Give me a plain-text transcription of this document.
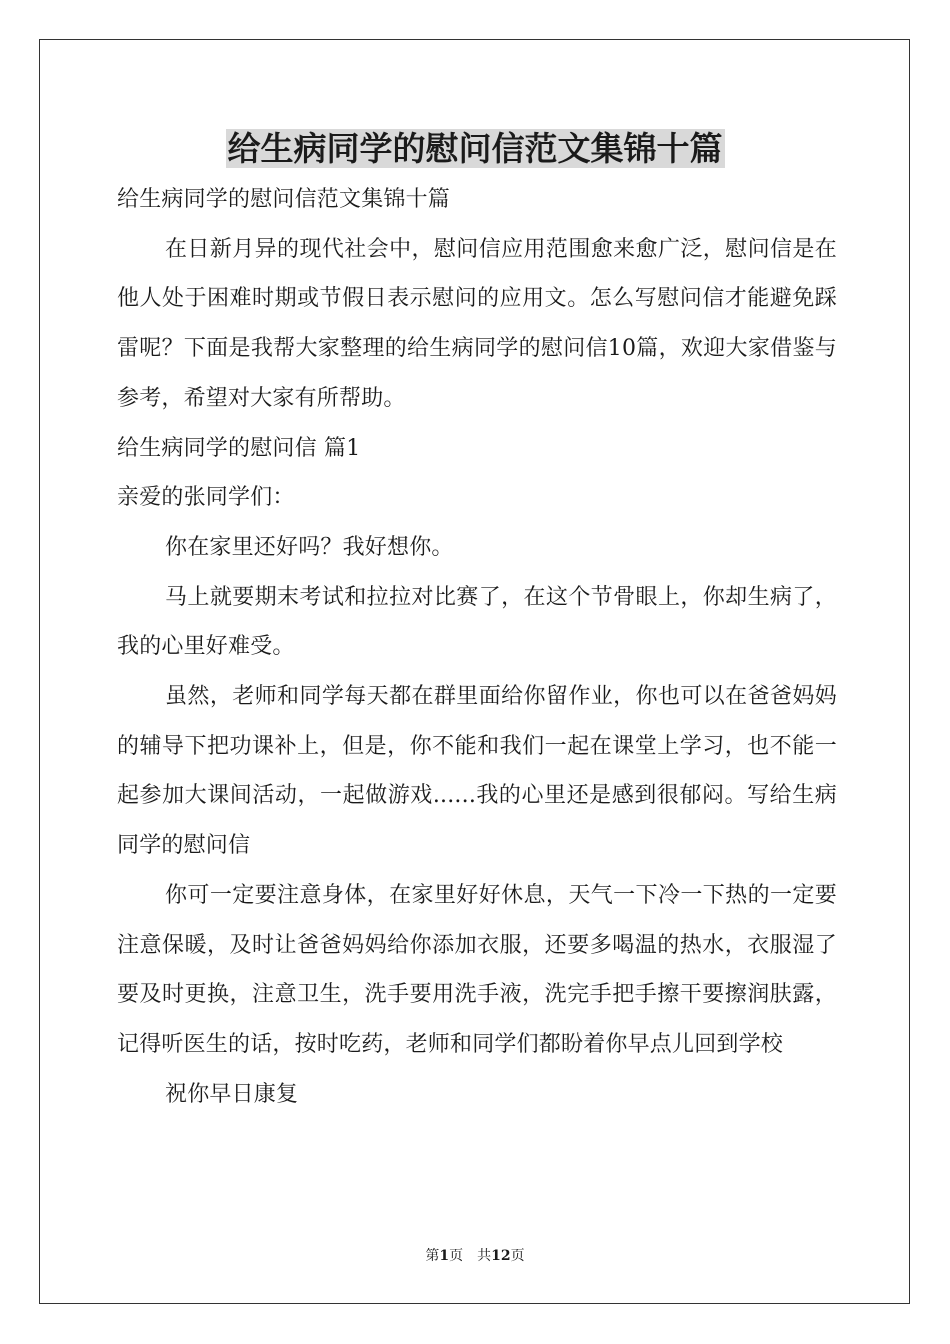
给生病同学的慰问信范文集锦十篇

给生病同学的慰问信范文集锦十篇

在日新月异的现代社会中，慰问信应用范围愈来愈广泛，慰问信是在他人处于困难时期或节假日表示慰问的应用文。怎么写慰问信才能避免踩雷呢？下面是我帮大家整理的给生病同学的慰问信10篇，欢迎大家借鉴与参考，希望对大家有所帮助。

给生病同学的慰问信 篇1

亲爱的张同学们：

你在家里还好吗？我好想你。

马上就要期末考试和拉拉对比赛了，在这个节骨眼上，你却生病了，我的心里好难受。

虽然，老师和同学每天都在群里面给你留作业，你也可以在爸爸妈妈的辅导下把功课补上，但是，你不能和我们一起在课堂上学习，也不能一起参加大课间活动，一起做游戏......我的心里还是感到很郁闷。写给生病同学的慰问信

你可一定要注意身体，在家里好好休息，天气一下冷一下热的一定要注意保暖，及时让爸爸妈妈给你添加衣服，还要多喝温的热水，衣服湿了要及时更换，注意卫生，洗手要用洗手液，洗完手把手擦干要擦润肤露，记得听医生的话，按时吃药，老师和同学们都盼着你早点儿回到学校

祝你早日康复

第1页　共12页
